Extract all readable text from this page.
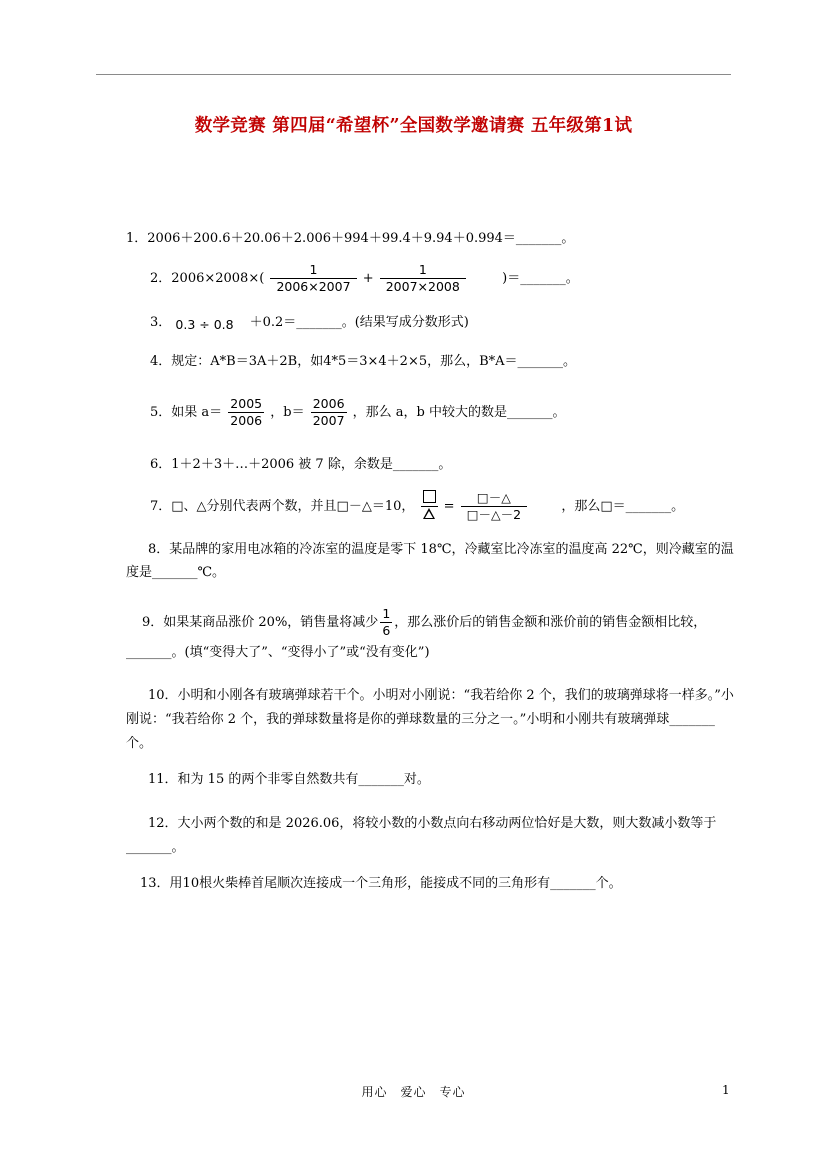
数学竞赛 第四届“希望杯”全国数学邀请赛 五年级第1试
1．2006＋200.6＋20.06＋2.006＋994＋99.4＋9.94＋0.994＝_______。
2．$2006\times 2008\times( \frac{1}{2006\times 2007} + \frac{1}{2007\times 2008}$	)＝_______。
3． 0.3 ÷ 0.8 ＋0.2＝_______。(结果写成分数形式)
4．规定：A*B＝3A＋2B，如4*5＝3×4＋2×5，那么，B*A＝_______。
5．如果 $a= \frac{2005}{2006}$ ，$b= \frac{2006}{2007}$ ，那么 a，b 中较大的数是_______。
6．1＋2＋3＋…＋2006 被 7 除，余数是_______。
7．□、△分别代表两个数，并且□－△＝10， = $\frac{□-\triangle}{□-\triangle-2}$	，那么□＝_______。
8．某品牌的家用电冰箱的冷冻室的温度是零下 18℃，冷藏室比冷冻室的温度高 22℃，则冷藏室的温度是_______℃。
9．如果某商品涨价 20%，销售量将减少 $\frac{1}{6}$ ，那么涨价后的销售金额和涨价前的销售金额相比较，_______。(填“变得大了”、“变得小了”或“没有变化”)
10．小明和小刚各有玻璃弹球若干个。小明对小刚说：“我若给你 2 个，我们的玻璃弹球将一样多。”小刚说：“我若给你 2 个，我的弹球数量将是你的弹球数量的三分之一。”小明和小刚共有玻璃弹球_______个。
11．和为 15 的两个非零自然数共有_______对。
12．大小两个数的和是 2026.06，将较小数的小数点向右移动两位恰好是大数，则大数减小数等于_______。
13．用10根火柴棒首尾顺次连接成一个三角形，能接成不同的三角形有_______个。
用心　爱心　专心	1
